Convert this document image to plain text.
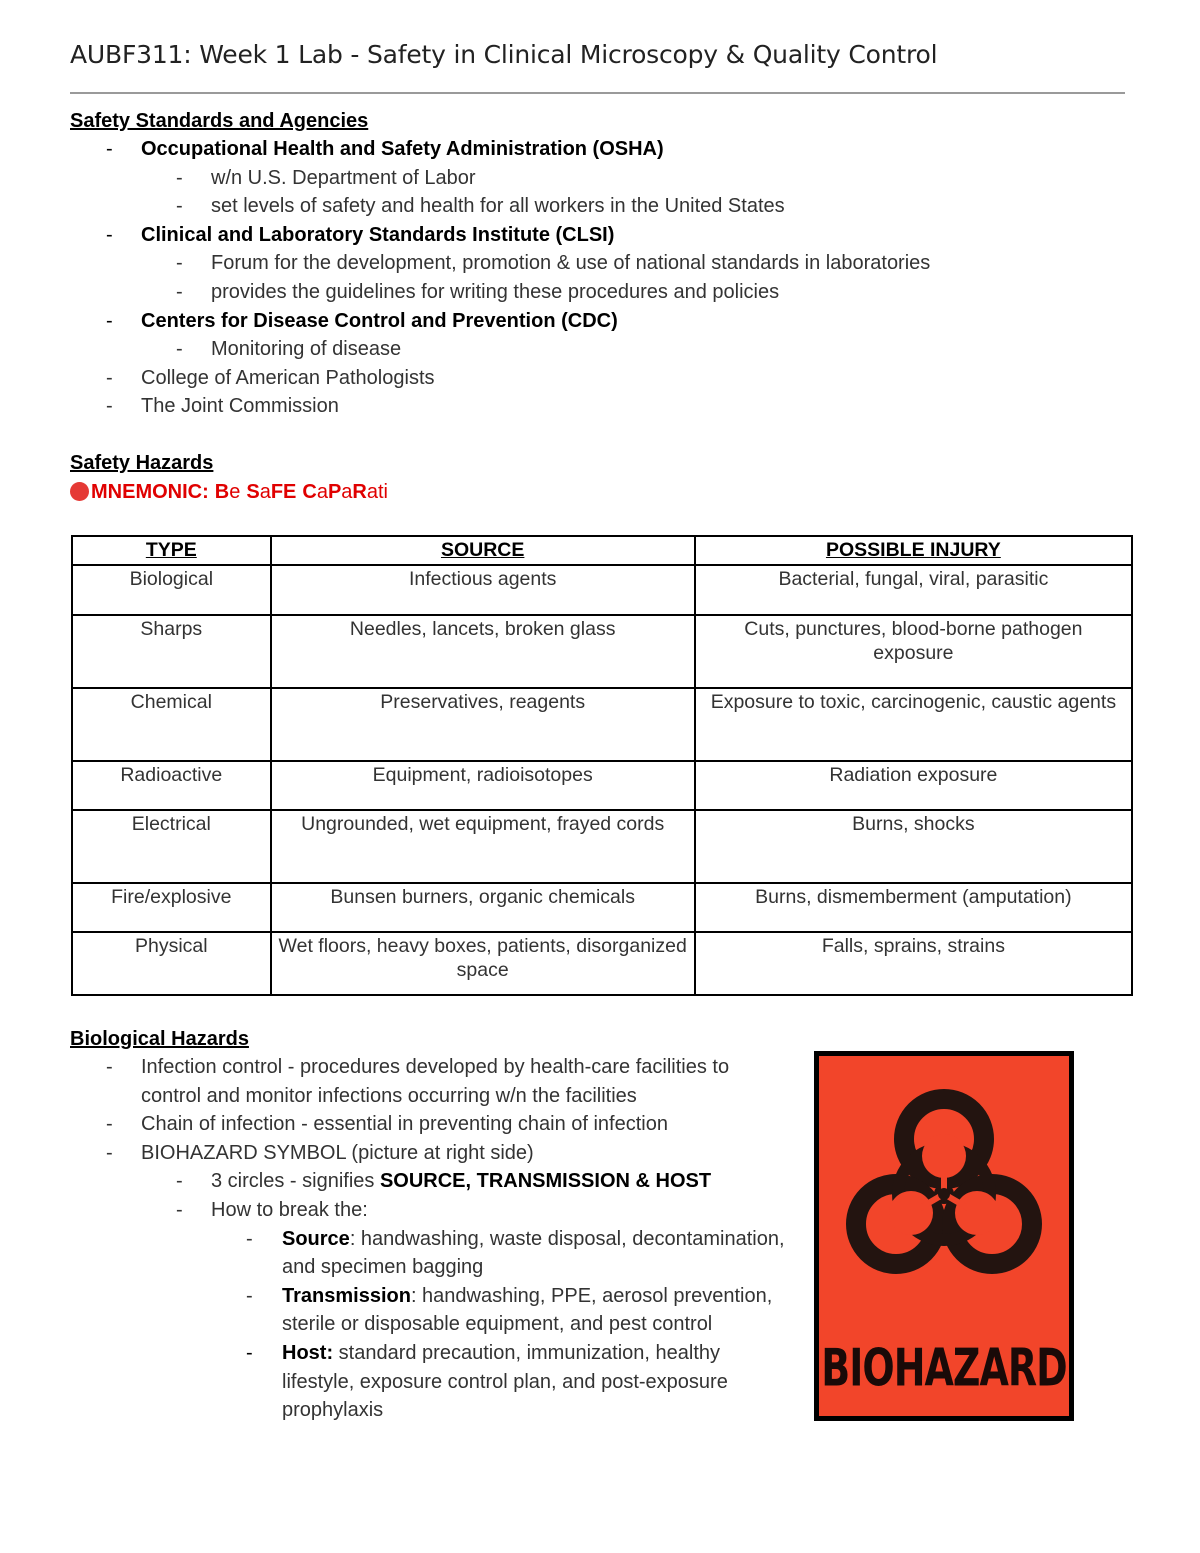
AUBF311: Week 1 Lab - Safety in Clinical Microscopy & Quality Control
Safety Standards and Agencies
- Occupational Health and Safety Administration (OSHA)
- w/n U.S. Department of Labor
- set levels of safety and health for all workers in the United States
- Clinical and Laboratory Standards Institute (CLSI)
- Forum for the development, promotion & use of national standards in laboratories
- provides the guidelines for writing these procedures and policies
- Centers for Disease Control and Prevention (CDC)
- Monitoring of disease
- College of American Pathologists
- The Joint Commission
Safety Hazards
MNEMONIC: Be SaFE CaPaRati
TYPE	SOURCE	POSSIBLE INJURY
Biological	Infectious agents	Bacterial, fungal, viral, parasitic
Sharps	Needles, lancets, broken glass	Cuts, punctures, blood-borne pathogen exposure
Chemical	Preservatives, reagents	Exposure to toxic, carcinogenic, caustic agents
Radioactive	Equipment, radioisotopes	Radiation exposure
Electrical	Ungrounded, wet equipment, frayed cords	Burns, shocks
Fire/explosive	Bunsen burners, organic chemicals	Burns, dismemberment (amputation)
Physical	Wet floors, heavy boxes, patients, disorganized space	Falls, sprains, strains
Biological Hazards
- Infection control - procedures developed by health-care facilities to control and monitor infections occurring w/n the facilities
- Chain of infection - essential in preventing chain of infection
- BIOHAZARD SYMBOL (picture at right side)
- 3 circles - signifies SOURCE, TRANSMISSION & HOST
- How to break the:
- Source: handwashing, waste disposal, decontamination, and specimen bagging
- Transmission: handwashing, PPE, aerosol prevention, sterile or disposable equipment, and pest control
- Host: standard precaution, immunization, healthy lifestyle, exposure control plan, and post-exposure prophylaxis
BIOHAZARD
